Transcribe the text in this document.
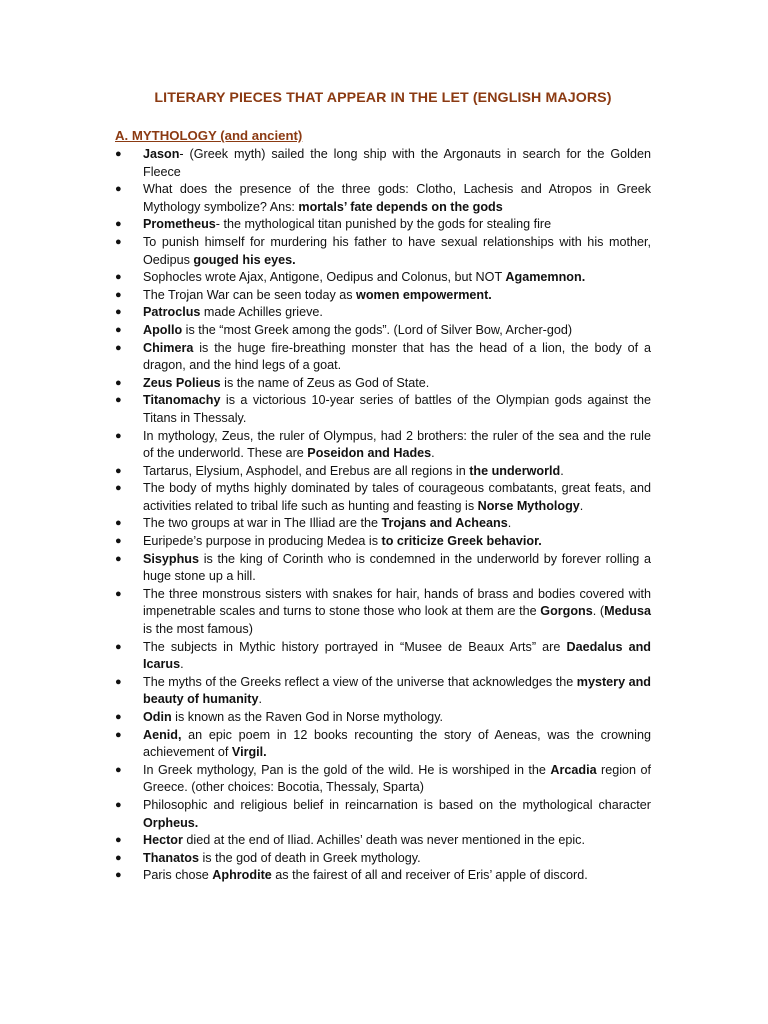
LITERARY PIECES THAT APPEAR IN THE LET (ENGLISH MAJORS)
A. MYTHOLOGY (and ancient)
●	Jason- (Greek myth) sailed the long ship with the Argonauts in search for the Golden Fleece
●	What does the presence of the three gods: Clotho, Lachesis and Atropos in Greek Mythology symbolize? Ans: mortals’ fate depends on the gods
●	Prometheus- the mythological titan punished by the gods for stealing fire
●	To punish himself for murdering his father to have sexual relationships with his mother, Oedipus gouged his eyes.
●	Sophocles wrote Ajax, Antigone, Oedipus and Colonus, but NOT Agamemnon.
●	The Trojan War can be seen today as women empowerment.
●	Patroclus made Achilles grieve.
●	Apollo is the “most Greek among the gods”. (Lord of Silver Bow, Archer-god)
●	Chimera is the huge fire-breathing monster that has the head of a lion, the body of a dragon, and the hind legs of a goat.
●	Zeus Polieus is the name of Zeus as God of State.
●	Titanomachy is a victorious 10-year series of battles of the Olympian gods against the Titans in Thessaly.
●	In mythology, Zeus, the ruler of Olympus, had 2 brothers: the ruler of the sea and the rule of the underworld. These are Poseidon and Hades.
●	Tartarus, Elysium, Asphodel, and Erebus are all regions in the underworld.
●	The body of myths highly dominated by tales of courageous combatants, great feats, and activities related to tribal life such as hunting and feasting is Norse Mythology.
●	The two groups at war in The Illiad are the Trojans and Acheans.
●	Euripede’s purpose in producing Medea is to criticize Greek behavior.
●	Sisyphus is the king of Corinth who is condemned in the underworld by forever rolling a huge stone up a hill.
●	The three monstrous sisters with snakes for hair, hands of brass and bodies covered with impenetrable scales and turns to stone those who look at them are the Gorgons. (Medusa is the most famous)
●	The subjects in Mythic history portrayed in “Musee de Beaux Arts” are Daedalus and Icarus.
●	The myths of the Greeks reflect a view of the universe that acknowledges the mystery and beauty of humanity.
●	Odin is known as the Raven God in Norse mythology.
●	Aenid, an epic poem in 12 books recounting the story of Aeneas, was the crowning achievement of Virgil.
●	In Greek mythology, Pan is the gold of the wild. He is worshiped in the Arcadia region of Greece. (other choices: Bocotia, Thessaly, Sparta)
●	Philosophic and religious belief in reincarnation is based on the mythological character Orpheus.
●	Hector died at the end of Iliad. Achilles’ death was never mentioned in the epic.
●	Thanatos is the god of death in Greek mythology.
●	Paris chose Aphrodite as the fairest of all and receiver of Eris’ apple of discord.
